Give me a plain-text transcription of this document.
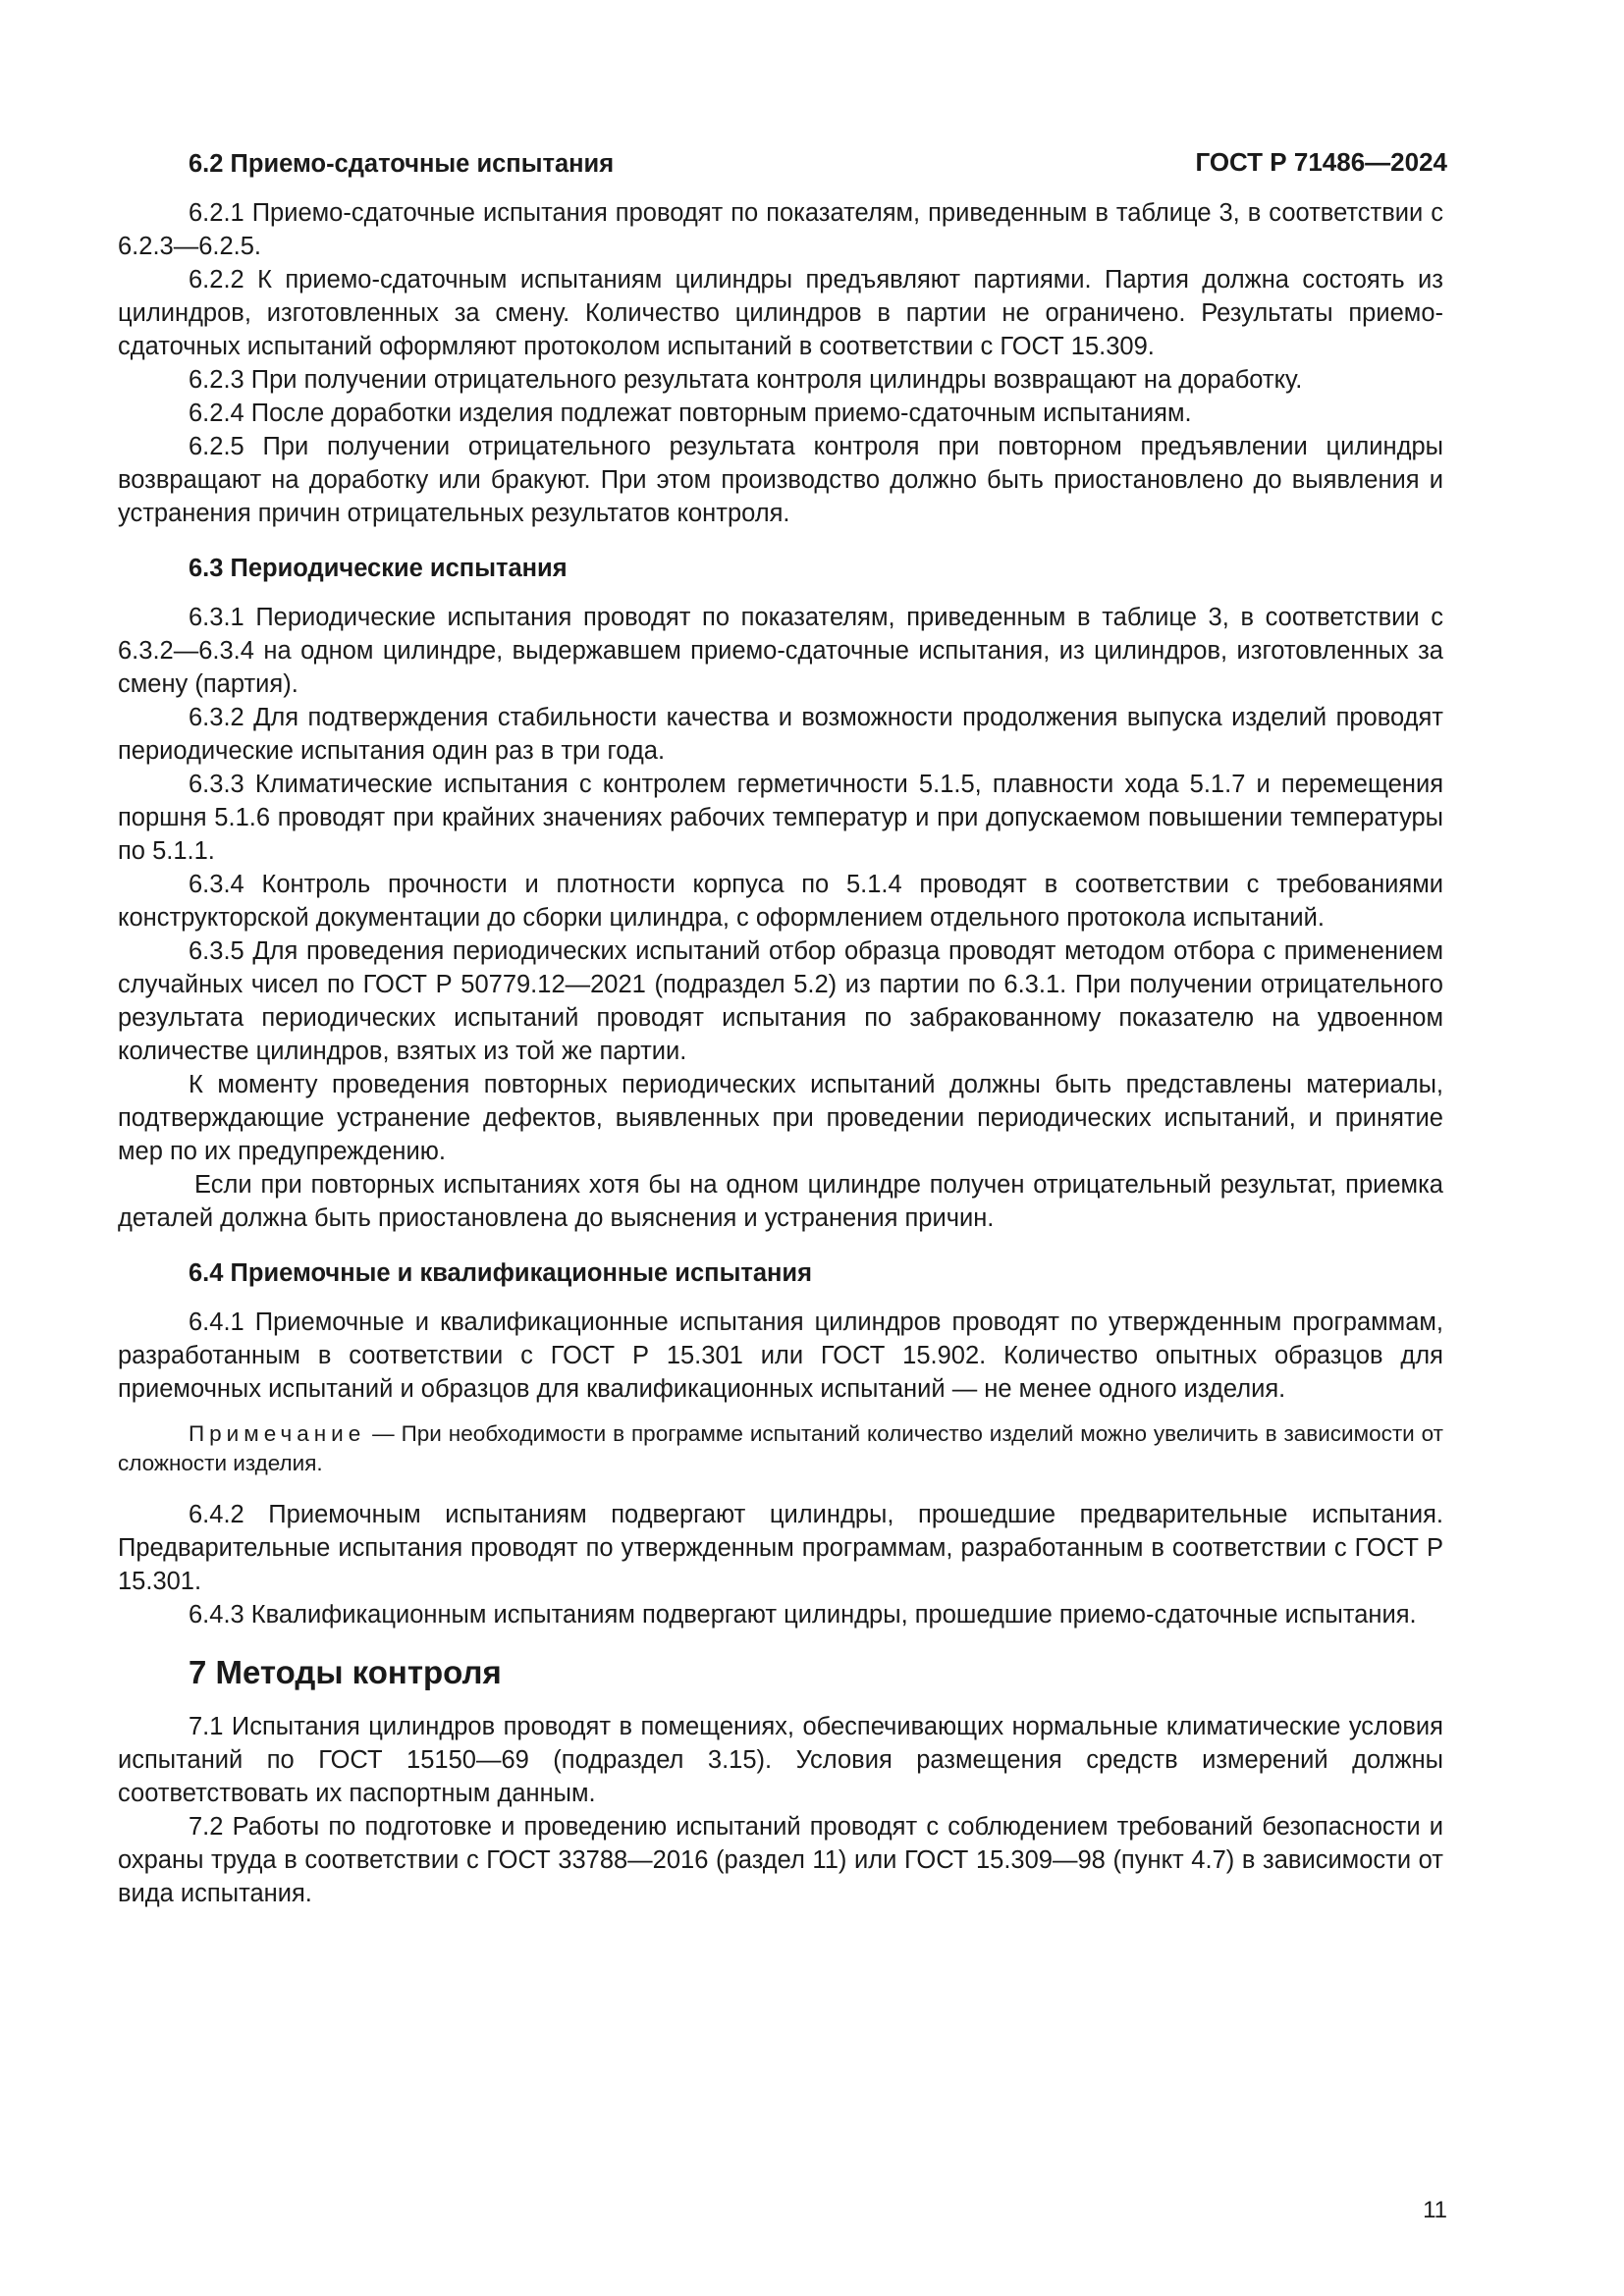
ГОСТ Р 71486—2024
6.2 Приемо-сдаточные испытания

6.2.1 Приемо-сдаточные испытания проводят по показателям, приведенным в таблице 3, в соответствии с 6.2.3—6.2.5.

6.2.2 К приемо-сдаточным испытаниям цилиндры предъявляют партиями. Партия должна состоять из цилиндров, изготовленных за смену. Количество цилиндров в партии не ограничено. Результаты приемо-сдаточных испытаний оформляют протоколом испытаний в соответствии с ГОСТ 15.309.

6.2.3 При получении отрицательного результата контроля цилиндры возвращают на доработку.

6.2.4 После доработки изделия подлежат повторным приемо-сдаточным испытаниям.

6.2.5 При получении отрицательного результата контроля при повторном предъявлении цилиндры возвращают на доработку или бракуют. При этом производство должно быть приостановлено до выявления и устранения причин отрицательных результатов контроля.

6.3 Периодические испытания

6.3.1 Периодические испытания проводят по показателям, приведенным в таблице 3, в соответствии с 6.3.2—6.3.4 на одном цилиндре, выдержавшем приемо-сдаточные испытания, из цилиндров, изготовленных за смену (партия).

6.3.2 Для подтверждения стабильности качества и возможности продолжения выпуска изделий проводят периодические испытания один раз в три года.

6.3.3 Климатические испытания с контролем герметичности 5.1.5, плавности хода 5.1.7 и перемещения поршня 5.1.6 проводят при крайних значениях рабочих температур и при допускаемом повышении температуры по 5.1.1.

6.3.4 Контроль прочности и плотности корпуса по 5.1.4 проводят в соответствии с требованиями конструкторской документации до сборки цилиндра, с оформлением отдельного протокола испытаний.

6.3.5 Для проведения периодических испытаний отбор образца проводят методом отбора с применением случайных чисел по ГОСТ Р 50779.12—2021 (подраздел 5.2) из партии по 6.3.1. При получении отрицательного результата периодических испытаний проводят испытания по забракованному показателю на удвоенном количестве цилиндров, взятых из той же партии.

К моменту проведения повторных периодических испытаний должны быть представлены материалы, подтверждающие устранение дефектов, выявленных при проведении периодических испытаний, и принятие мер по их предупреждению.

Если при повторных испытаниях хотя бы на одном цилиндре получен отрицательный результат, приемка деталей должна быть приостановлена до выяснения и устранения причин.

6.4 Приемочные и квалификационные испытания

6.4.1 Приемочные и квалификационные испытания цилиндров проводят по утвержденным программам, разработанным в соответствии с ГОСТ Р 15.301 или ГОСТ 15.902. Количество опытных образцов для приемочных испытаний и образцов для квалификационных испытаний — не менее одного изделия.

Примечание — При необходимости в программе испытаний количество изделий можно увеличить в зависимости от сложности изделия.

6.4.2 Приемочным испытаниям подвергают цилиндры, прошедшие предварительные испытания. Предварительные испытания проводят по утвержденным программам, разработанным в соответствии с ГОСТ Р 15.301.

6.4.3 Квалификационным испытаниям подвергают цилиндры, прошедшие приемо-сдаточные испытания.

7 Методы контроля

7.1 Испытания цилиндров проводят в помещениях, обеспечивающих нормальные климатические условия испытаний по ГОСТ 15150—69 (подраздел 3.15). Условия размещения средств измерений должны соответствовать их паспортным данным.

7.2 Работы по подготовке и проведению испытаний проводят с соблюдением требований безопасности и охраны труда в соответствии с ГОСТ 33788—2016 (раздел 11) или ГОСТ 15.309—98 (пункт 4.7) в зависимости от вида испытания.

11
